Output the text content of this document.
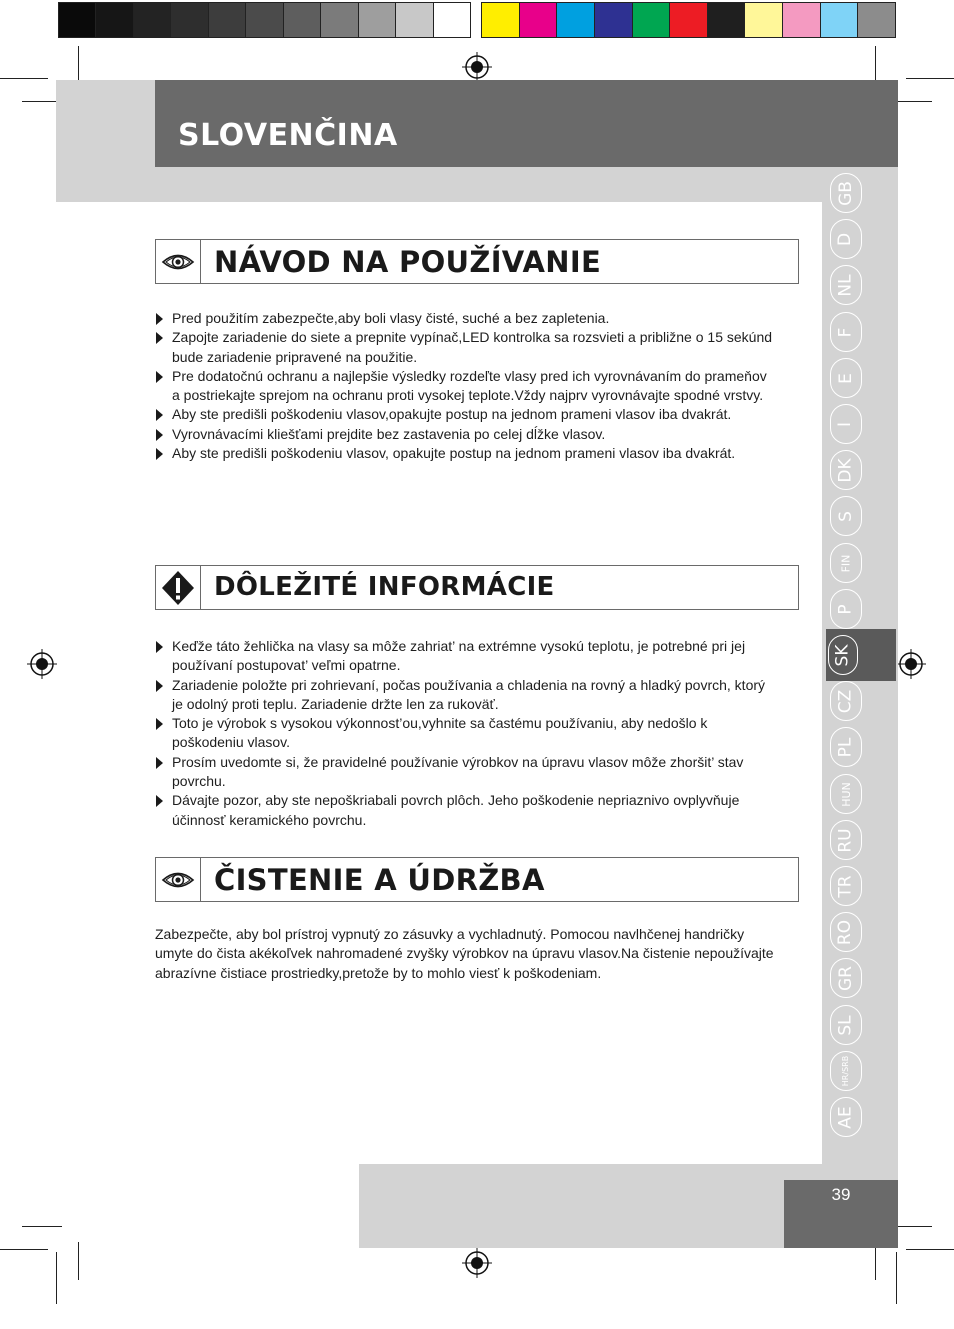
SLOVENČINA
39
GB
D
NL
F
E
I
DK
S
FIN
P
SK
CZ
PL
HUN
RU
TR
RO
GR
SL
HR/SRB
AE
NÁVOD NA POUŽÍVANIE
Pred použitím zabezpečte,aby boli vlasy čisté, suché a bez zapletenia.
Zapojte zariadenie do siete a prepnite vypínač,LED kontrolka sa rozsvieti a približne o 15 sekúnd bude zariadenie pripravené na použitie.
Pre dodatočnú ochranu a najlepšie výsledky rozdeľte vlasy pred ich vyrovnávaním do prameňov a postriekajte sprejom na ochranu proti vysokej teplote.Vždy najprv vyrovnávajte spodné vrstvy.
Aby ste predišli poškodeniu vlasov,opakujte postup na jednom prameni vlasov iba dvakrát.
Vyrovnávacími kliešťami prejdite bez zastavenia po celej dĺžke vlasov.
Aby ste predišli poškodeniu vlasov, opakujte postup na jednom prameni vlasov iba dvakrát.
DÔLEŽITÉ INFORMÁCIE
Keďže táto žehlička na vlasy sa môže zahriat’ na extrémne vysokú teplotu, je potrebné pri jej používaní postupovat’ veľmi opatrne.
Zariadenie položte pri zohrievaní, počas používania a chladenia na rovný a hladký povrch, ktorý je odolný proti teplu. Zariadenie držte len za rukoväť.
Toto je výrobok s vysokou výkonnost’ou,vyhnite sa častému používaniu, aby nedošlo k poškodeniu vlasov.
Prosím uvedomte si, že pravidelné používanie výrobkov na úpravu vlasov môže zhoršit’ stav povrchu.
Dávajte pozor, aby ste nepoškriabali povrch plôch. Jeho poškodenie nepriaznivo ovplyvňuje účinnosť keramického povrchu.
ČISTENIE A ÚDRŽBA

Zabezpečte, aby bol prístroj vypnutý zo zásuvky a vychladnutý. Pomocou navlhčenej handričky umyte do čista akékoľvek nahromadené zvyšky výrobkov na úpravu vlasov.Na čistenie nepoužívajte abrazívne čistiace prostriedky,pretože by to mohlo viesť k poškodeniam.
